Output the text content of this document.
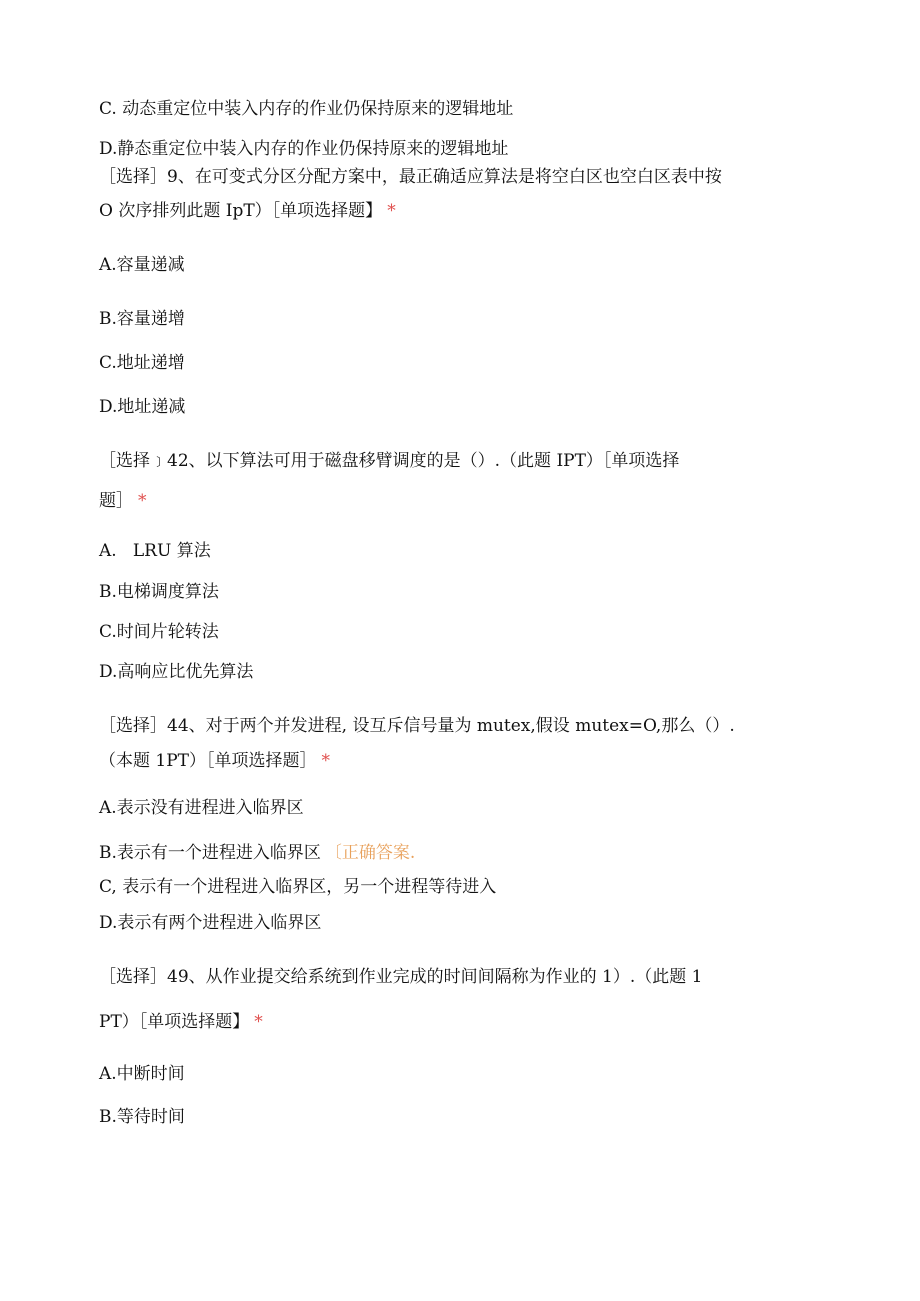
C. 动态重定位中装入内存的作业仍保持原来的逻辑地址

D.静态重定位中装入内存的作业仍保持原来的逻辑地址

［选择］9、在可变式分区分配方案中，最正确适应算法是将空白区也空白区表中按

O 次序排列此题 IpT）［单项选择题】 *

A.容量递减

B.容量递增

C.地址递增

D.地址递减

［选择﹞42、以下算法可用于磁盘移臂调度的是（）.（此题 IPT）［单项选择

题］ *

A.   LRU 算法

B.电梯调度算法

C.时间片轮转法

D.高响应比优先算法

［选择］44、对于两个并发进程, 设互斥信号量为 mutex,假设 mutex=O,那么（）.

（本题 1PT）［单项选择题］ *

A.表示没有进程进入临界区

B.表示有一个进程进入临界区 〔正确答案.

C, 表示有一个进程进入临界区，另一个进程等待进入

D.表示有两个进程进入临界区

［选择］49、从作业提交给系统到作业完成的时间间隔称为作业的 1）.（此题 1

PT）［单项选择题】 *

A.中断时间

B.等待时间
